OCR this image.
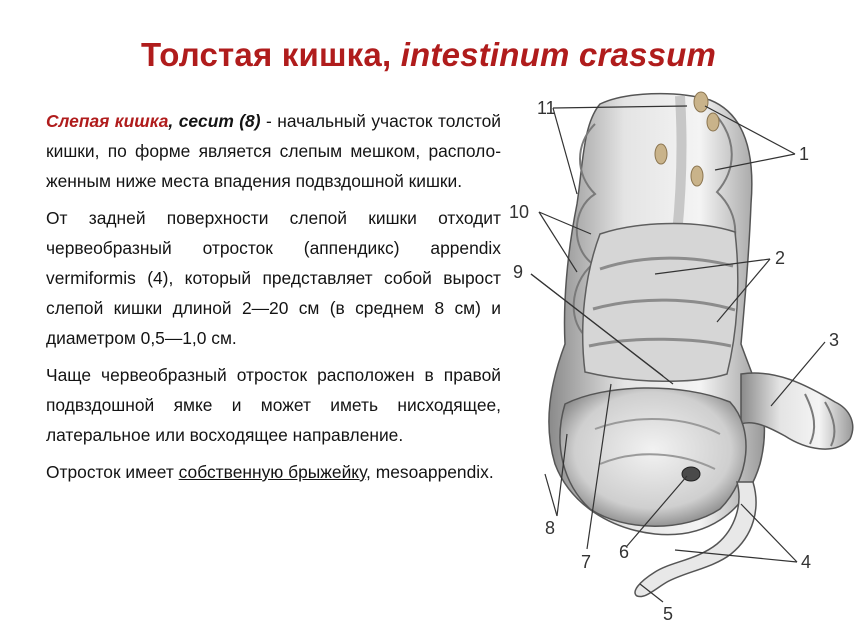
Толстая кишка, intestinum crassum

Слепая кишка, cecum (8) - начальный участок толстой кишки, по форме является слепым мешком, располо-женным ниже места впадения подвздошной кишки.

От задней поверхности слепой кишки отходит червеобразный отросток (аппендикс) appendix vermiformis (4), который представляет собой вырост слепой кишки длиной 2—20 см (в среднем 8 см) и диаметром 0,5—1,0 см.

Чаще червеобразный отросток расположен в правой подвздошной ямке и может иметь нисходящее, латеральное или восходящее направление.

Отросток имеет собственную брыжейку, mesoappendix.

11
1
10
9
2
3
8
7 6	4
5
